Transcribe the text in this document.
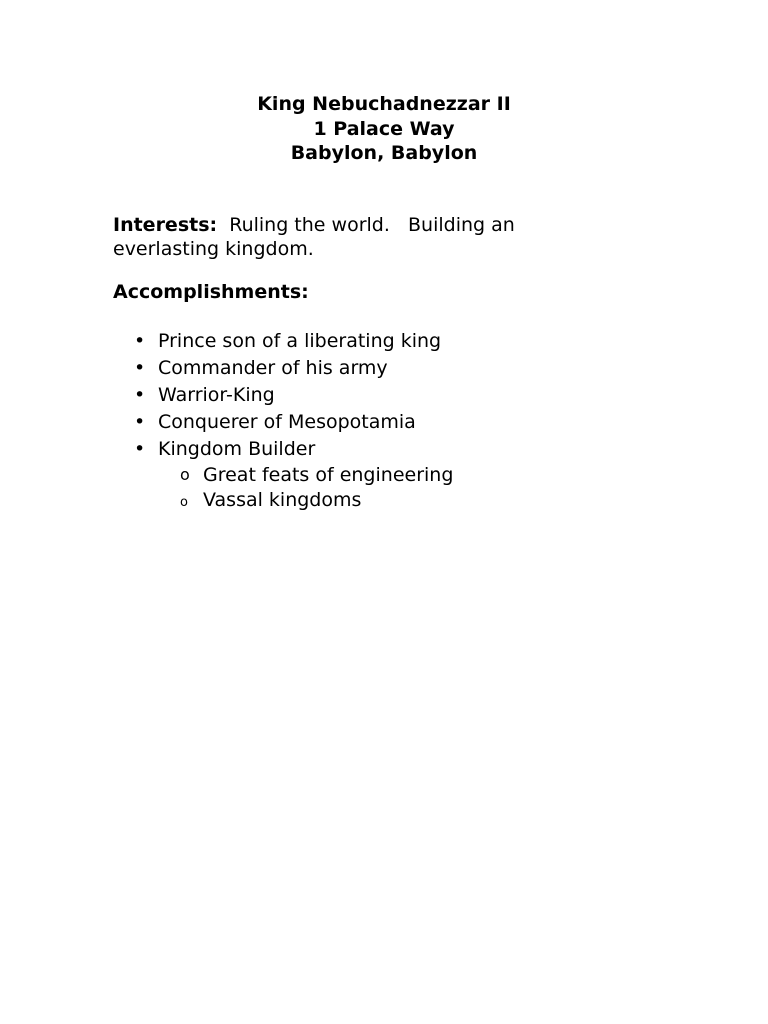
King Nebuchadnezzar II
1 Palace Way
Babylon, Babylon
Interests: Ruling the world.   Building an everlasting kingdom.
Accomplishments:
• Prince son of a liberating king
• Commander of his army
• Warrior-King
• Conquerer of Mesopotamia
• Kingdom Builder
o Great feats of engineering
o Vassal kingdoms
